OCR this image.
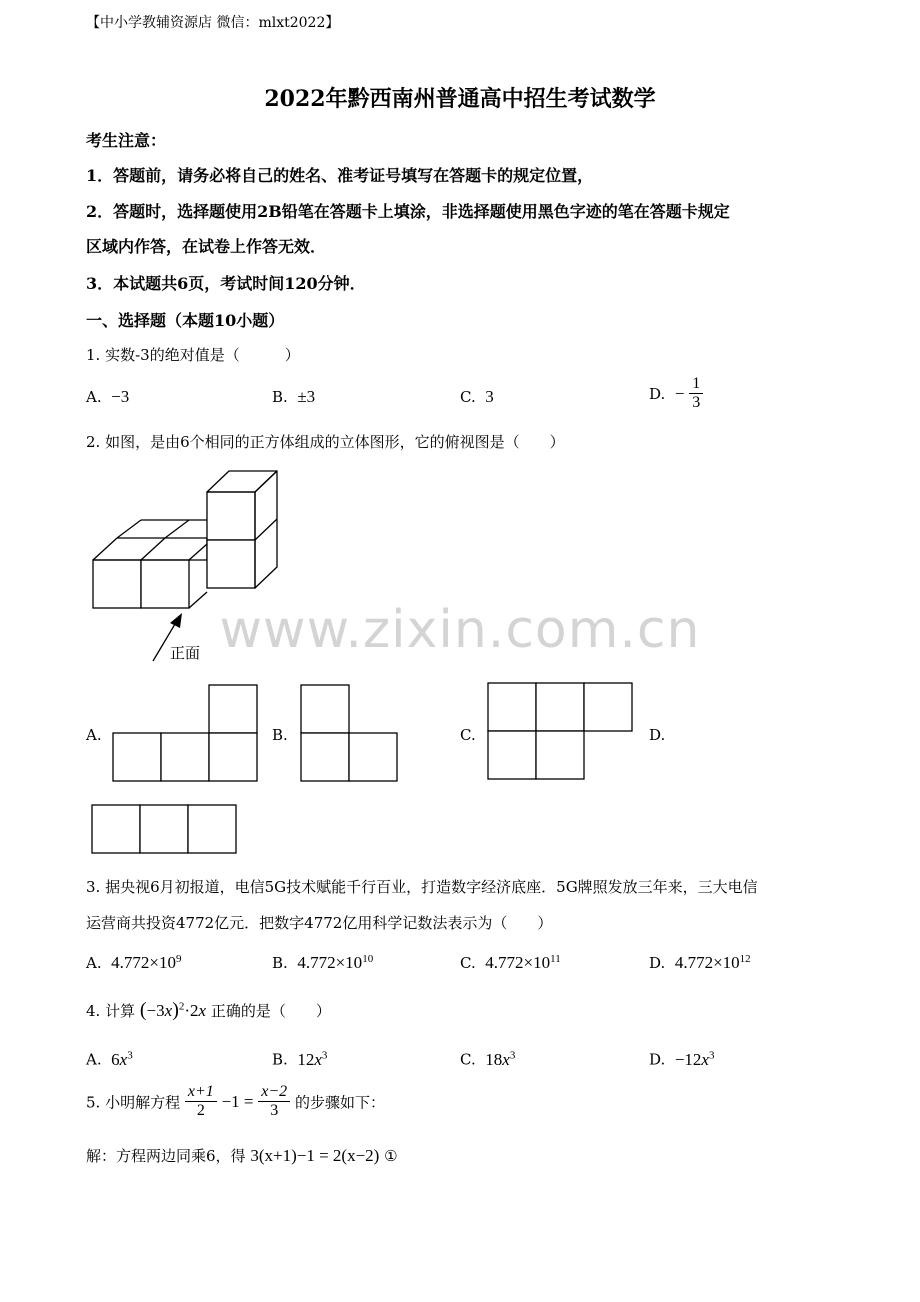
【中小学教辅资源店 微信：mlxt2022】
2022年黔西南州普通高中招生考试数学
考生注意：
1．答题前，请务必将自己的姓名、准考证号填写在答题卡的规定位置，
2．答题时，选择题使用2B铅笔在答题卡上填涂，非选择题使用黑色字迹的笔在答题卡规定
区域内作答，在试卷上作答无效．
3．本试题共6页，考试时间120分钟．
一、选择题（本题10小题）
1. 实数-3的绝对值是（　　　）
A. −3	B. ±3	C. 3	D. − $\frac{1}{3}$
2. 如图，是由6个相同的正方体组成的立体图形，它的俯视图是（　　）
正面 www.zixin.com.cn
A.	B.	C.	D.
3. 据央视6月初报道，电信5G技术赋能千行百业，打造数字经济底座．5G牌照发放三年来，三大电信
运营商共投资4772亿元．把数字4772亿用科学记数法表示为（　　）
A. $4.772\times 10^9$	B. $4.772\times 10^{10}$	C. $4.772\times 10^{11}$	D. $4.772\times 10^{12}$
4. 计算 $(-3x)^2\cdot 2x$ 正确的是（　　）
A. $6x^3$	B. $12x^3$	C. $18x^3$	D. $-12x^3$
5. 小明解方程 $\frac{x+1}{2} -1 = \frac{x-2}{3}$ 的步骤如下：
解：方程两边同乘6，得 3(x+1)−1 = 2(x−2) ①
